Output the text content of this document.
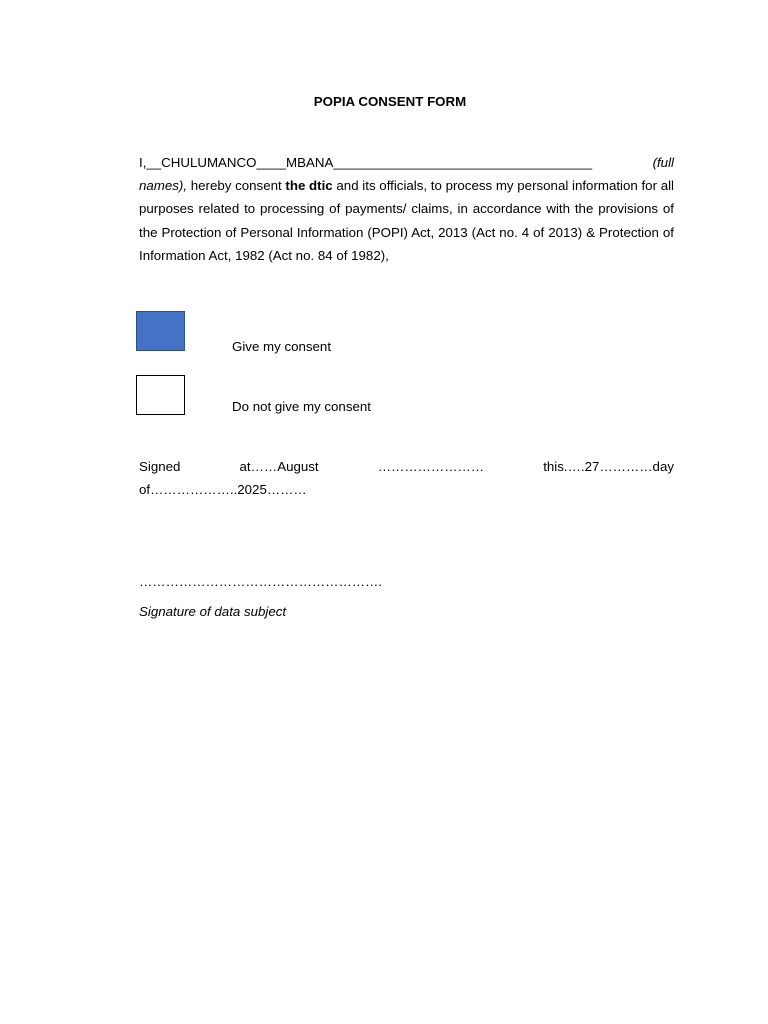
POPIA CONSENT FORM
I,__CHULUMANCO____MBANA___________________________________	(full
names), hereby consent the dtic and its officials, to process my personal information for all purposes related to processing of payments/ claims, in accordance with the provisions of the Protection of Personal Information (POPI) Act, 2013 (Act no. 4 of 2013) & Protection of Information Act, 1982 (Act no. 84 of 1982),
Give my consent
Do not give my consent
Signed	at……August	……………………	this.….27…………day
of………………..2025………
……………………………………………….
Signature of data subject
